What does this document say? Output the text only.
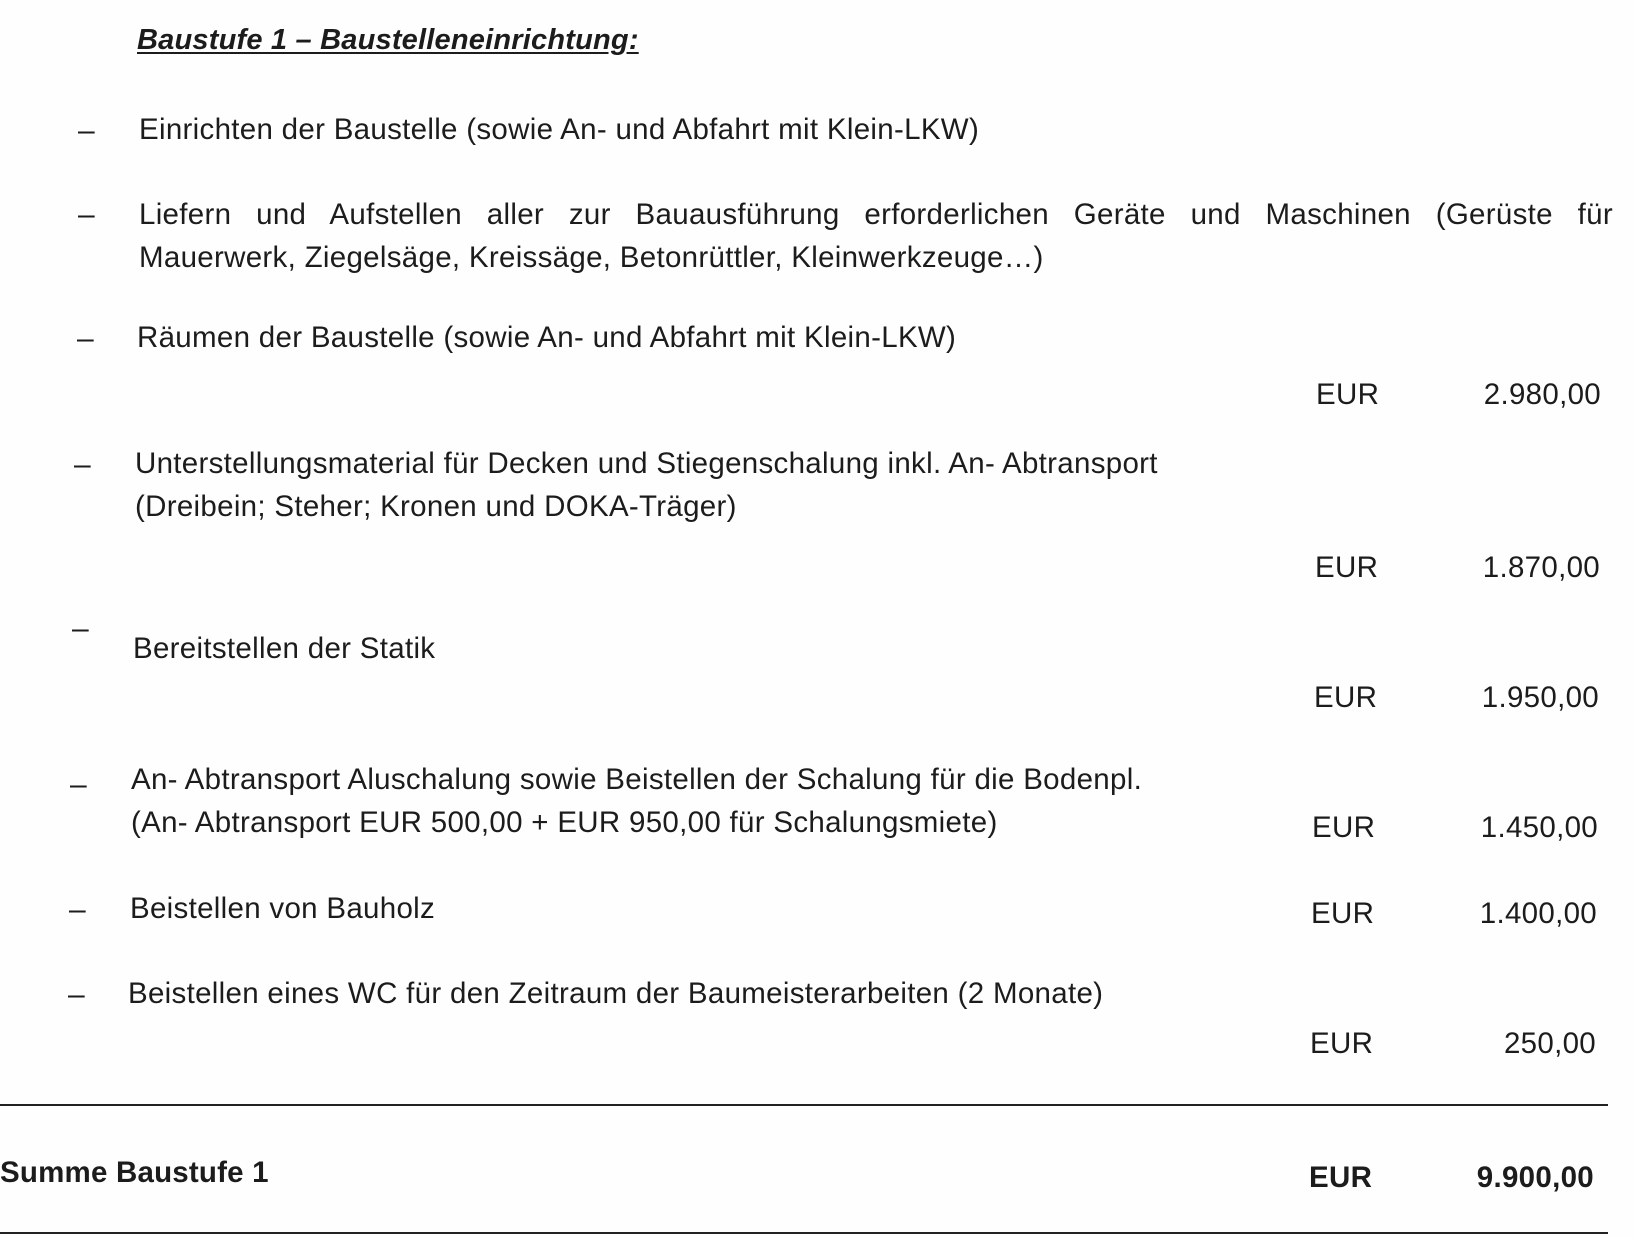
Baustufe 1 – Baustelleneinrichtung:
– Einrichten der Baustelle (sowie An- und Abfahrt mit Klein-LKW)
– Liefern und Aufstellen aller zur Bauausführung erforderlichen Geräte und Maschinen (Gerüste für
Mauerwerk, Ziegelsäge, Kreissäge, Betonrüttler, Kleinwerkzeuge…)
– Räumen der Baustelle (sowie An- und Abfahrt mit Klein-LKW)
EUR	2.980,00
– Unterstellungsmaterial für Decken und Stiegenschalung inkl. An- Abtransport
(Dreibein; Steher; Kronen und DOKA-Träger)
EUR	1.870,00
–
Bereitstellen der Statik
EUR	1.950,00
– An- Abtransport Aluschalung sowie Beistellen der Schalung für die Bodenpl.
(An- Abtransport EUR 500,00 + EUR 950,00 für Schalungsmiete)	EUR	1.450,00
– Beistellen von Bauholz	EUR	1.400,00
– Beistellen eines WC für den Zeitraum der Baumeisterarbeiten (2 Monate)
EUR	250,00
Summe Baustufe 1	EUR	9.900,00
